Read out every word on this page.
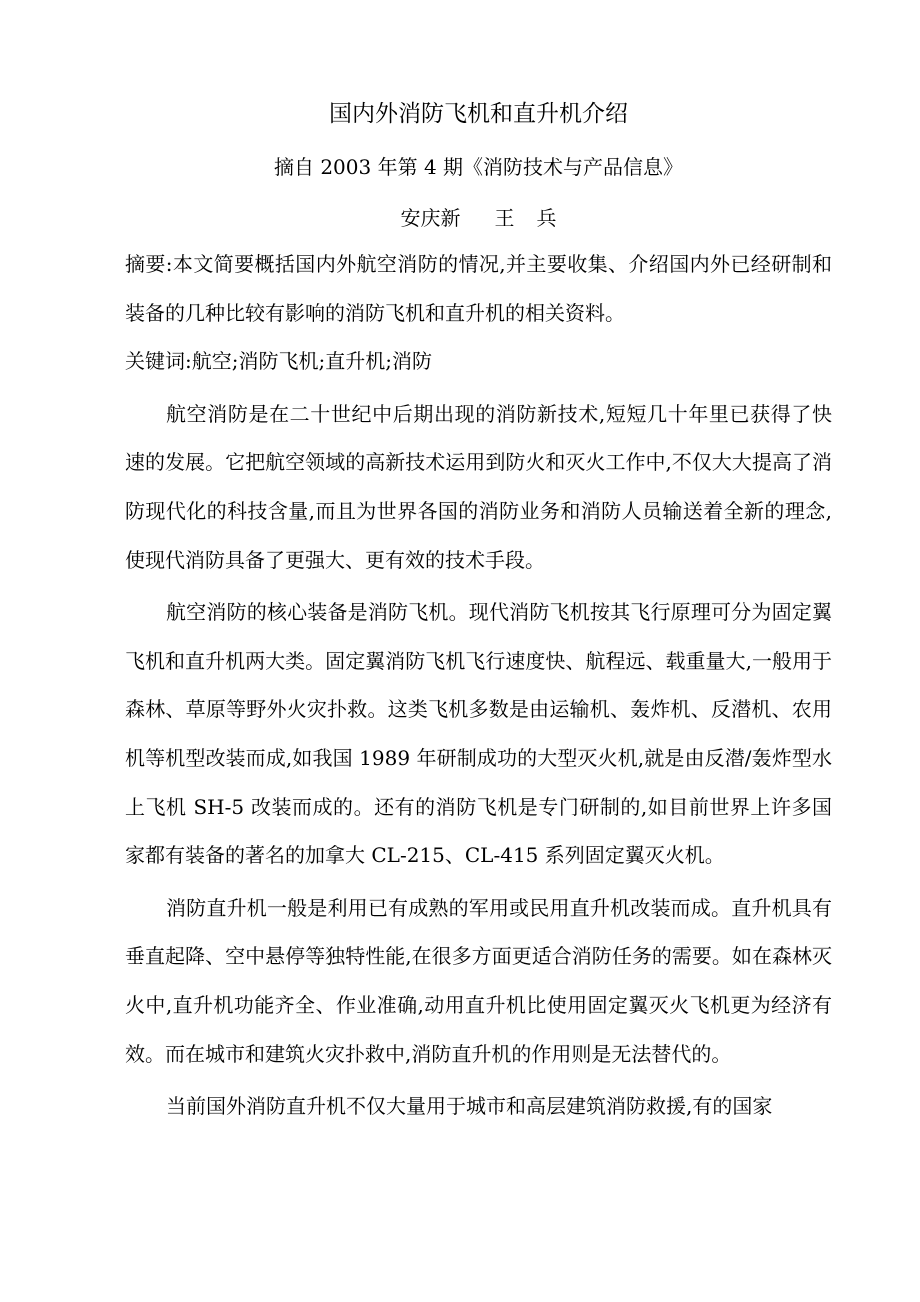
国内外消防飞机和直升机介绍

摘自 2003 年第 4 期《消防技术与产品信息》

安庆新 王 兵

摘要:本文简要概括国内外航空消防的情况,并主要收集、介绍国内外已经研制和装备的几种比较有影响的消防飞机和直升机的相关资料。

关键词:航空;消防飞机;直升机;消防

航空消防是在二十世纪中后期出现的消防新技术,短短几十年里已获得了快速的发展。它把航空领域的高新技术运用到防火和灭火工作中,不仅大大提高了消防现代化的科技含量,而且为世界各国的消防业务和消防人员输送着全新的理念,使现代消防具备了更强大、更有效的技术手段。

航空消防的核心装备是消防飞机。现代消防飞机按其飞行原理可分为固定翼飞机和直升机两大类。固定翼消防飞机飞行速度快、航程远、载重量大,一般用于森林、草原等野外火灾扑救。这类飞机多数是由运输机、轰炸机、反潜机、农用机等机型改装而成,如我国 1989 年研制成功的大型灭火机,就是由反潜/轰炸型水上飞机 SH-5 改装而成的。还有的消防飞机是专门研制的,如目前世界上许多国家都有装备的著名的加拿大 CL-215、CL-415 系列固定翼灭火机。

消防直升机一般是利用已有成熟的军用或民用直升机改装而成。直升机具有垂直起降、空中悬停等独特性能,在很多方面更适合消防任务的需要。如在森林灭火中,直升机功能齐全、作业准确,动用直升机比使用固定翼灭火飞机更为经济有效。而在城市和建筑火灾扑救中,消防直升机的作用则是无法替代的。

当前国外消防直升机不仅大量用于城市和高层建筑消防救援,有的国家
